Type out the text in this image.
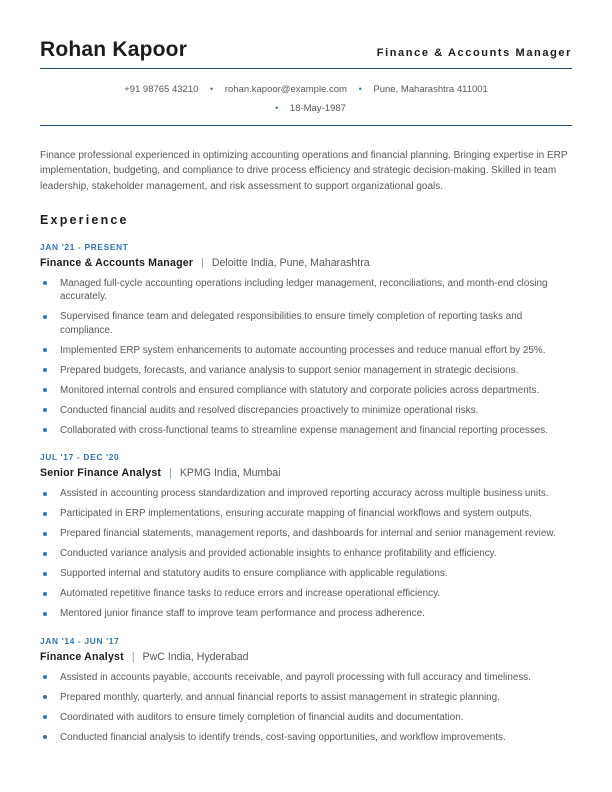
Rohan Kapoor	Finance & Accounts Manager
+91 98765 43210 • rohan.kapoor@example.com • Pune, Maharashtra 411001
• 18-May-1987

Finance professional experienced in optimizing accounting operations and financial planning. Bringing expertise in ERP implementation, budgeting, and compliance to drive process efficiency and strategic decision-making. Skilled in team leadership, stakeholder management, and risk assessment to support organizational goals.

Experience
JAN '21 - PRESENT
Finance & Accounts Manager | Deloitte India, Pune, Maharashtra
Managed full-cycle accounting operations including ledger management, reconciliations, and month-end closing accurately.
Supervised finance team and delegated responsibilities to ensure timely completion of reporting tasks and compliance.
Implemented ERP system enhancements to automate accounting processes and reduce manual effort by 25%.
Prepared budgets, forecasts, and variance analysis to support senior management in strategic decisions.
Monitored internal controls and ensured compliance with statutory and corporate policies across departments.
Conducted financial audits and resolved discrepancies proactively to minimize operational risks.
Collaborated with cross-functional teams to streamline expense management and financial reporting processes.
JUL '17 - DEC '20
Senior Finance Analyst | KPMG India, Mumbai
Assisted in accounting process standardization and improved reporting accuracy across multiple business units.
Participated in ERP implementations, ensuring accurate mapping of financial workflows and system outputs.
Prepared financial statements, management reports, and dashboards for internal and senior management review.
Conducted variance analysis and provided actionable insights to enhance profitability and efficiency.
Supported internal and statutory audits to ensure compliance with applicable regulations.
Automated repetitive finance tasks to reduce errors and increase operational efficiency.
Mentored junior finance staff to improve team performance and process adherence.
JAN '14 - JUN '17
Finance Analyst | PwC India, Hyderabad
Assisted in accounts payable, accounts receivable, and payroll processing with full accuracy and timeliness.
Prepared monthly, quarterly, and annual financial reports to assist management in strategic planning.
Coordinated with auditors to ensure timely completion of financial audits and documentation.
Conducted financial analysis to identify trends, cost-saving opportunities, and workflow improvements.
